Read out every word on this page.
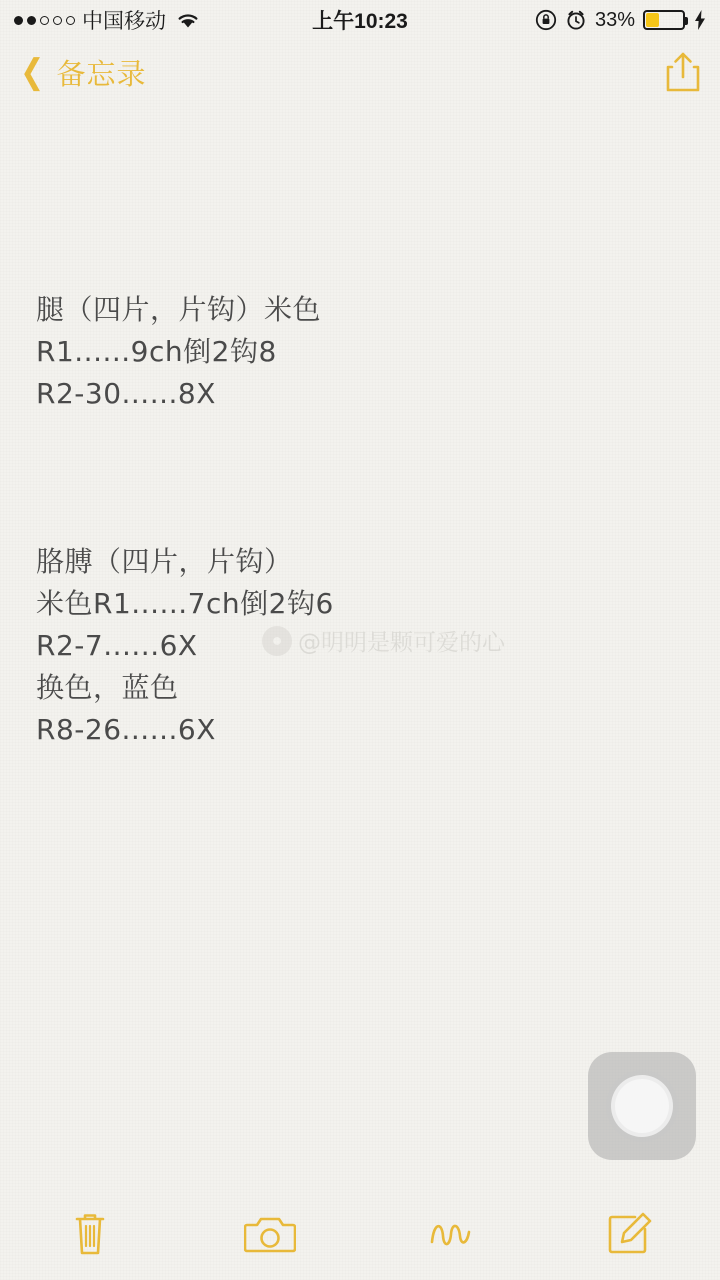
中国移动	上午10:23	33%
❮ 备忘录
腿（四片，片钩）米色
R1......9ch倒2钩8
R2-30......8X
胳膊（四片，片钩）
米色R1......7ch倒2钩6
R2-7......6X
换色，蓝色
R8-26......6X
● @明明是颗可爱的心
